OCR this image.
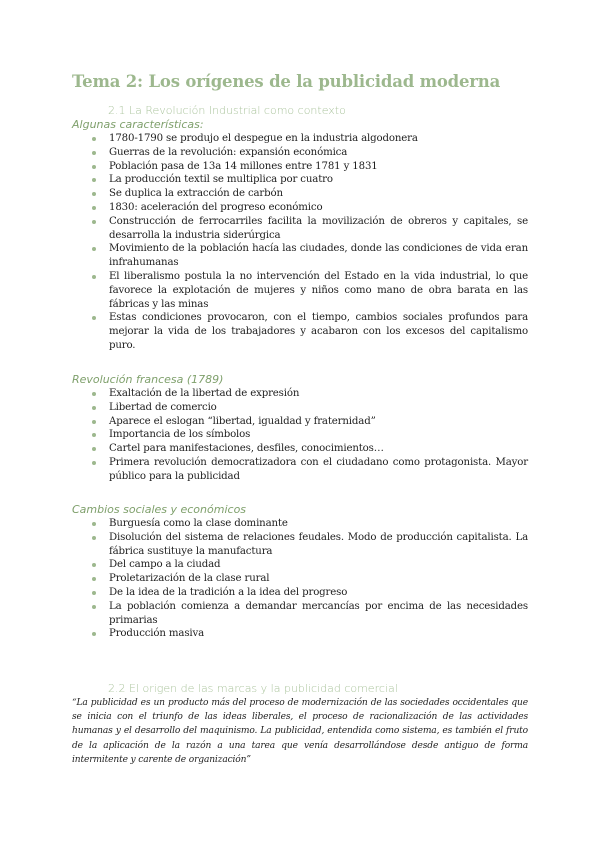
Tema 2: Los orígenes de la publicidad moderna

2.1 La Revolución Industrial como contexto

Algunas características:

1780-1790 se produjo el despegue en la industria algodonera
Guerras de la revolución: expansión económica
Población pasa de 13a 14 millones entre 1781 y 1831
La producción textil se multiplica por cuatro
Se duplica la extracción de carbón
1830: aceleración del progreso económico
Construcción de ferrocarriles facilita la movilización de obreros y capitales, se desarrolla la industria siderúrgica
Movimiento de la población hacía las ciudades, donde las condiciones de vida eran infrahumanas
El liberalismo postula la no intervención del Estado en la vida industrial, lo que favorece la explotación de mujeres y niños como mano de obra barata en las fábricas y las minas
Estas condiciones provocaron, con el tiempo, cambios sociales profundos para mejorar la vida de los trabajadores y acabaron con los excesos del capitalismo puro.

Revolución francesa (1789)

Exaltación de la libertad de expresión
Libertad de comercio
Aparece el eslogan “libertad, igualdad y fraternidad”
Importancia de los símbolos
Cartel para manifestaciones, desfiles, conocimientos…
Primera revolución democratizadora con el ciudadano como protagonista. Mayor público para la publicidad

Cambios sociales y económicos

Burguesía como la clase dominante
Disolución del sistema de relaciones feudales. Modo de producción capitalista. La fábrica sustituye la manufactura
Del campo a la ciudad
Proletarización de la clase rural
De la idea de la tradición a la idea del progreso
La población comienza a demandar mercancías por encima de las necesidades primarias
Producción masiva

2.2 El origen de las marcas y la publicidad comercial

“La publicidad es un producto más del proceso de modernización de las sociedades occidentales que se inicia con el triunfo de las ideas liberales, el proceso de racionalización de las actividades humanas y el desarrollo del maquinismo. La publicidad, entendida como sistema, es también el fruto de la aplicación de la razón a una tarea que venía desarrollándose desde antiguo de forma intermitente y carente de organización”
